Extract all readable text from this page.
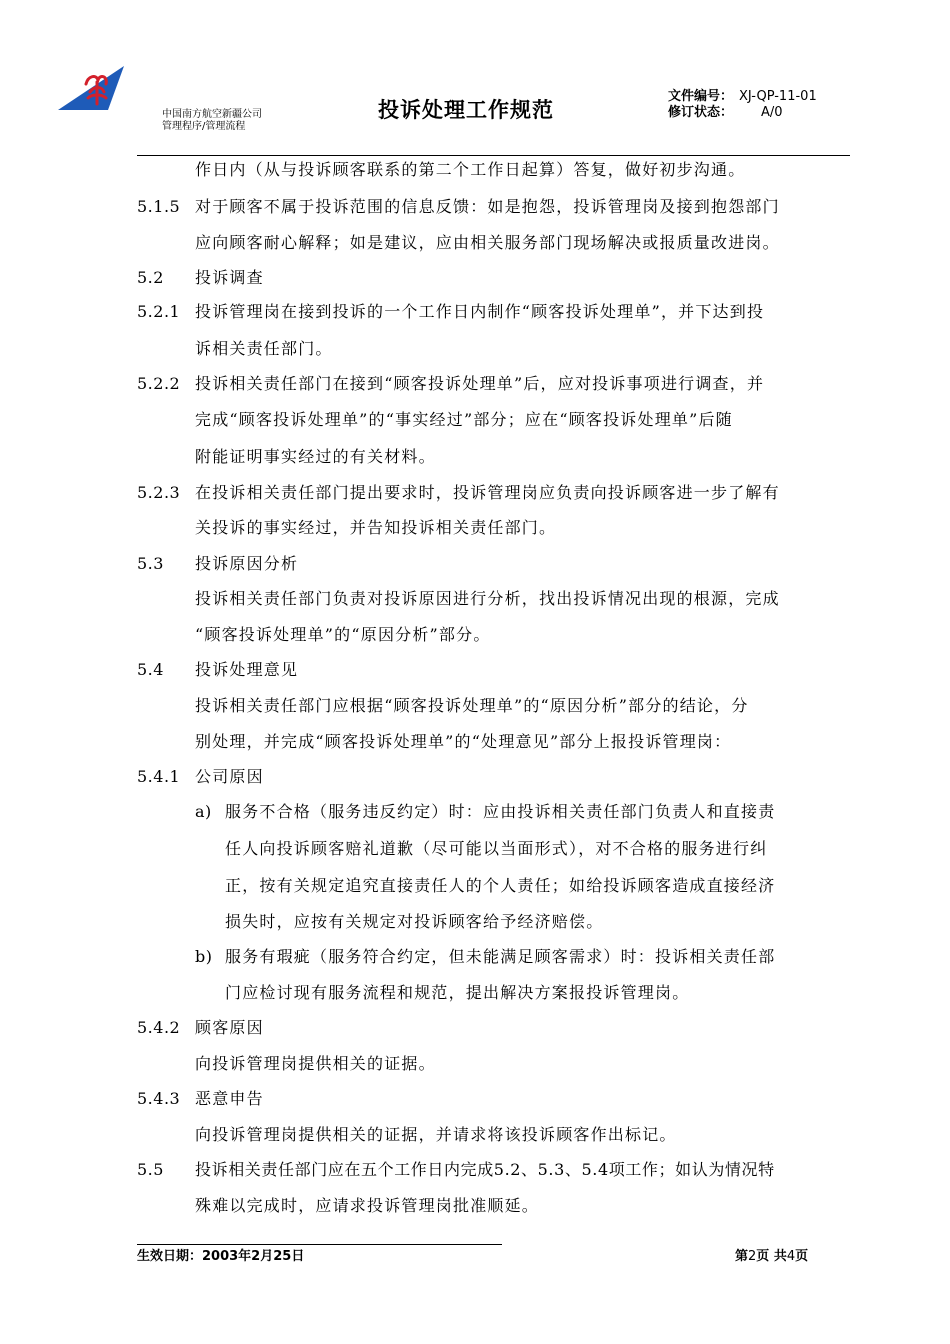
中国南方航空新疆公司
管理程序/管理流程
投诉处理工作规范
文件编号： XJ-QP-11-01
修订状态： A/0
作日内（从与投诉顾客联系的第二个工作日起算）答复，做好初步沟通。
5.1.5 对于顾客不属于投诉范围的信息反馈：如是抱怨，投诉管理岗及接到抱怨部门
应向顾客耐心解释；如是建议，应由相关服务部门现场解决或报质量改进岗。
5.2 投诉调查
5.2.1 投诉管理岗在接到投诉的一个工作日内制作“顾客投诉处理单”，并下达到投
诉相关责任部门。
5.2.2 投诉相关责任部门在接到“顾客投诉处理单”后，应对投诉事项进行调查，并
完成“顾客投诉处理单”的“事实经过”部分；应在“顾客投诉处理单”后随
附能证明事实经过的有关材料。
5.2.3 在投诉相关责任部门提出要求时，投诉管理岗应负责向投诉顾客进一步了解有
关投诉的事实经过，并告知投诉相关责任部门。
5.3 投诉原因分析
投诉相关责任部门负责对投诉原因进行分析，找出投诉情况出现的根源，完成
“顾客投诉处理单”的“原因分析”部分。
5.4 投诉处理意见
投诉相关责任部门应根据“顾客投诉处理单”的“原因分析”部分的结论，分
别处理，并完成“顾客投诉处理单”的“处理意见”部分上报投诉管理岗：
5.4.1 公司原因
a) 服务不合格（服务违反约定）时：应由投诉相关责任部门负责人和直接责
任人向投诉顾客赔礼道歉（尽可能以当面形式），对不合格的服务进行纠
正，按有关规定追究直接责任人的个人责任；如给投诉顾客造成直接经济
损失时，应按有关规定对投诉顾客给予经济赔偿。
b) 服务有瑕疵（服务符合约定，但未能满足顾客需求）时：投诉相关责任部
门应检讨现有服务流程和规范，提出解决方案报投诉管理岗。
5.4.2 顾客原因
向投诉管理岗提供相关的证据。
5.4.3 恶意申告
向投诉管理岗提供相关的证据，并请求将该投诉顾客作出标记。
5.5 投诉相关责任部门应在五个工作日内完成5.2、5.3、5.4项工作；如认为情况特
殊难以完成时，应请求投诉管理岗批准顺延。
生效日期：2003年2月25日	第2页 共4页
